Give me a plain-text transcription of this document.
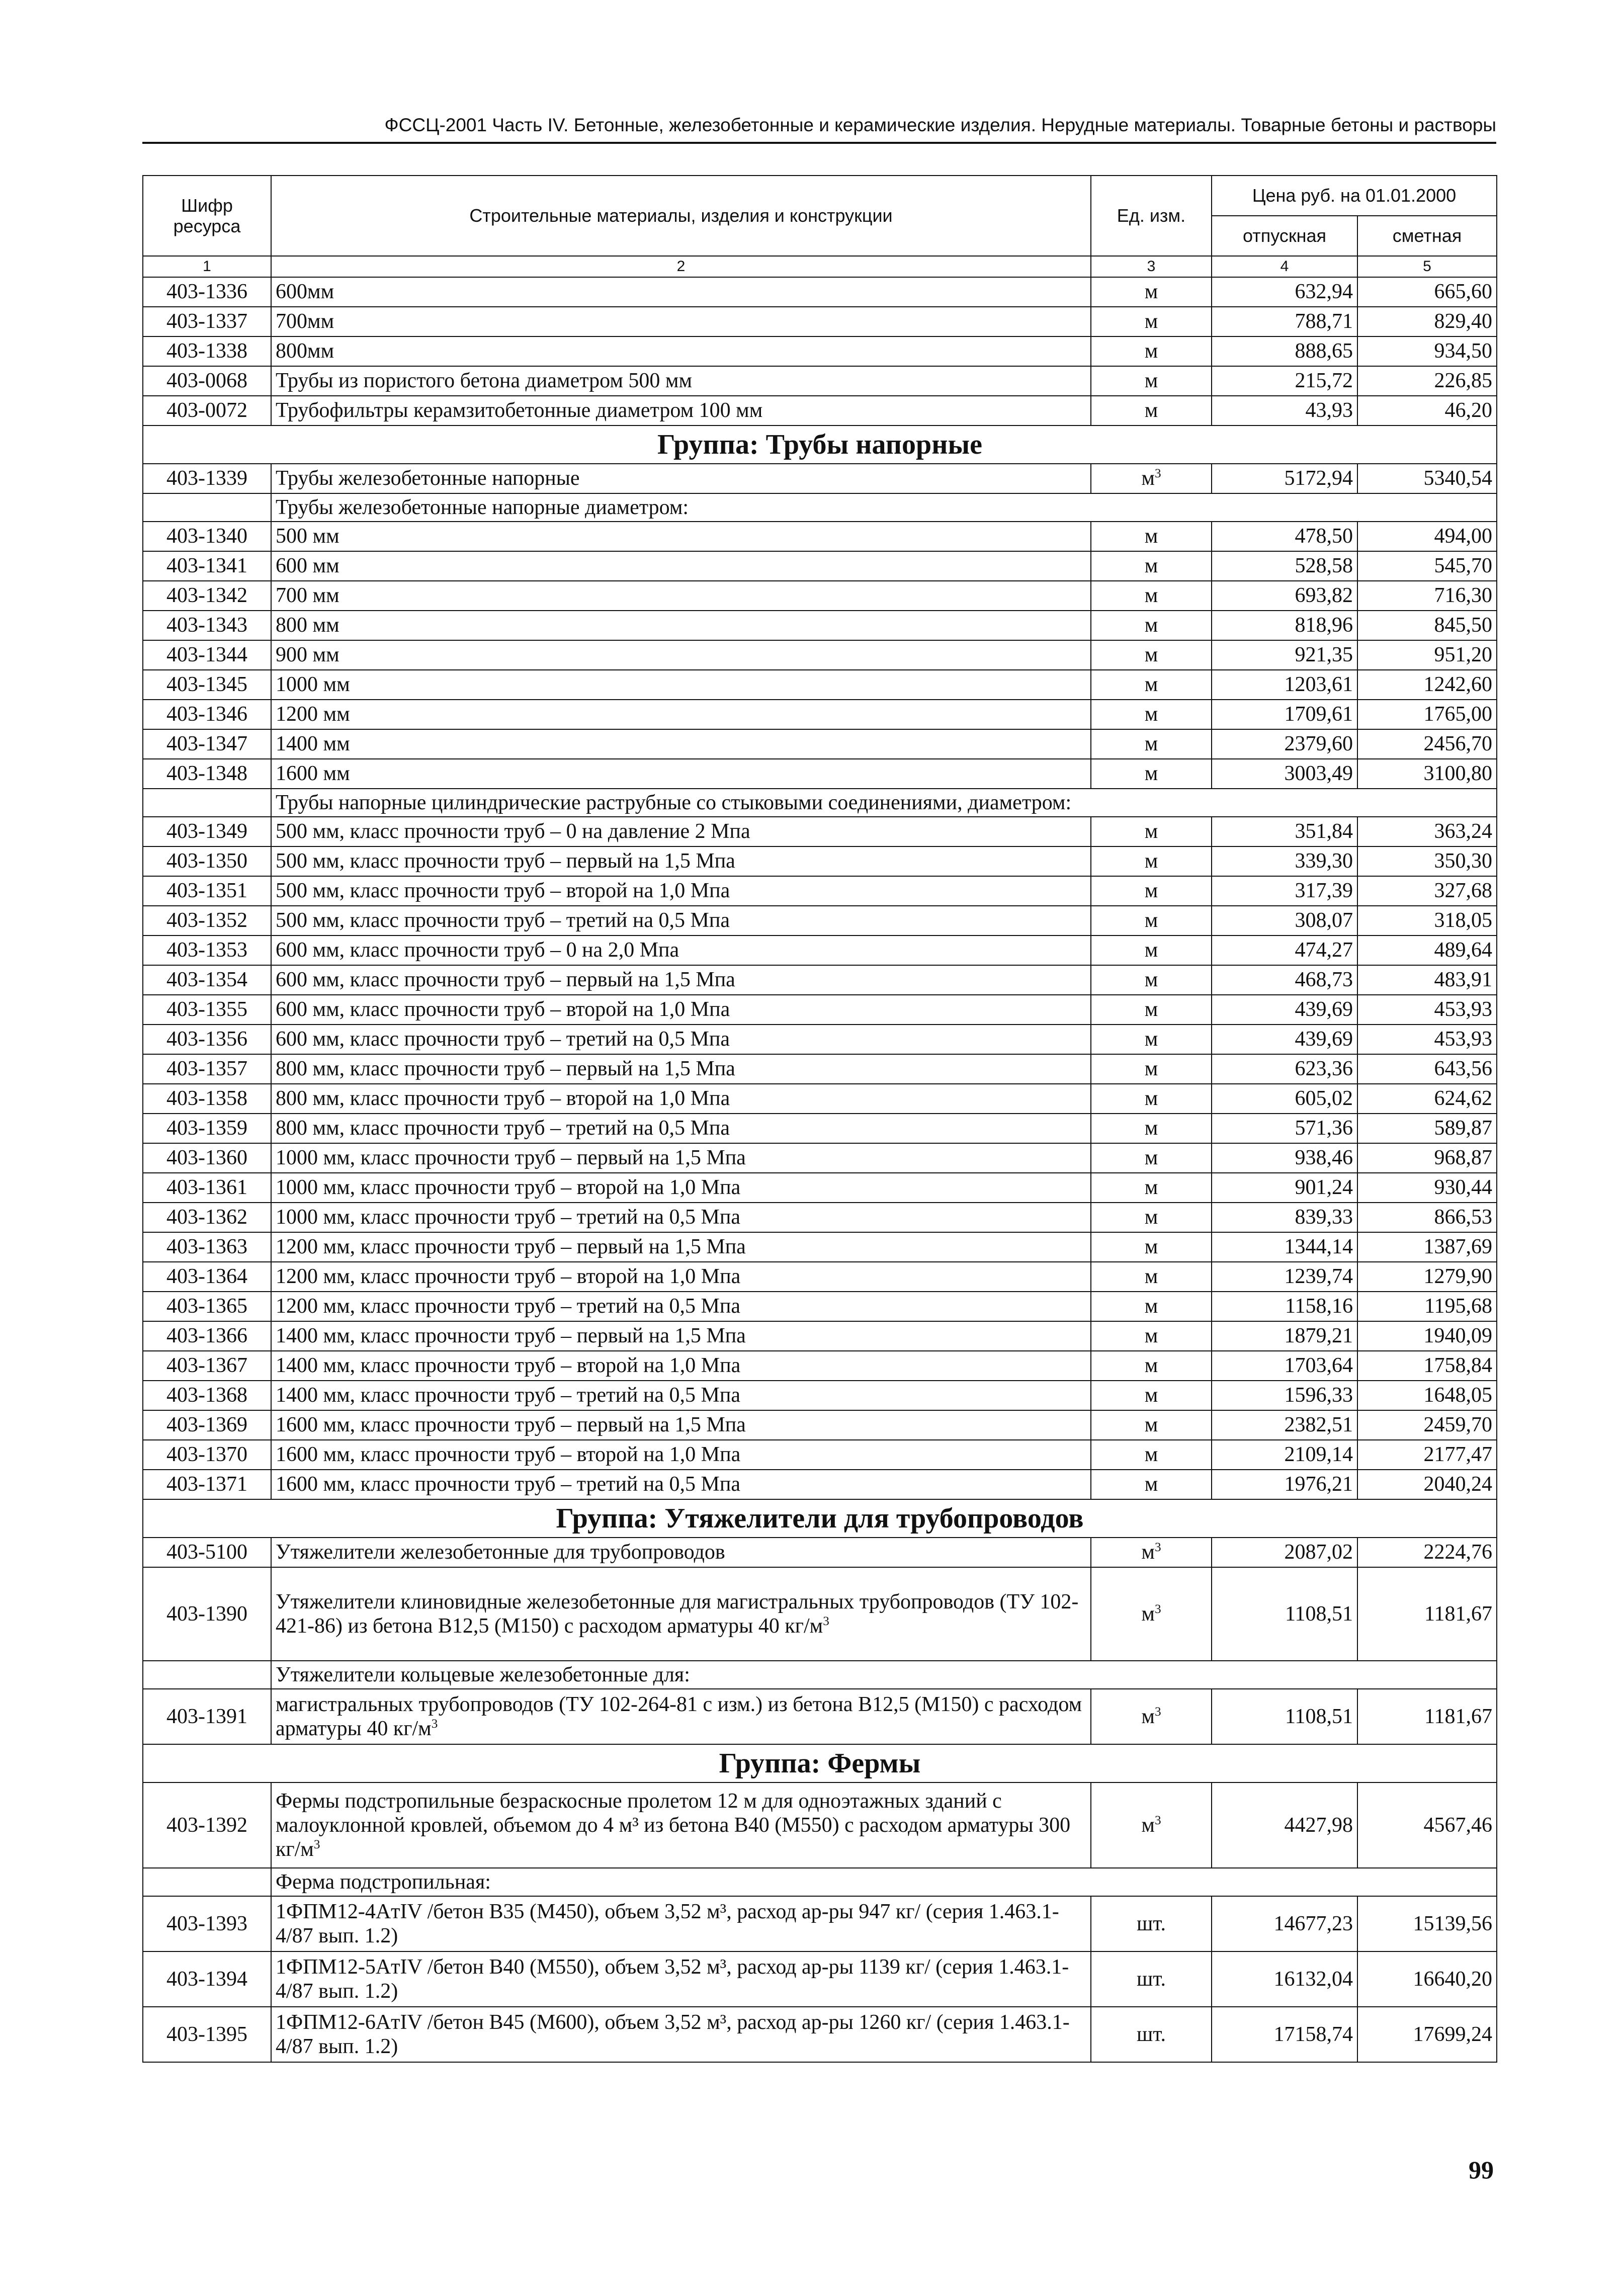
ФССЦ-2001 Часть IV. Бетонные, железобетонные и керамические изделия. Нерудные материалы. Товарные бетоны и растворы
Шифр ресурса	Строительные материалы, изделия и конструкции	Ед. изм.	Цена руб. на 01.01.2000	
			отпускная	сметная
1	2	3	4	5
403-1336	600мм	м	632,94	665,60
403-1337	700мм	м	788,71	829,40
403-1338	800мм	м	888,65	934,50
403-0068	Трубы из пористого бетона диаметром 500 мм	м	215,72	226,85
403-0072	Трубофильтры керамзитобетонные диаметром 100 мм	м	43,93	46,20
Группа: Трубы напорные				
403-1339	Трубы железобетонные напорные	$м^3$	5172,94	5340,54
	Трубы железобетонные напорные диаметром:			
403-1340	500 мм	м	478,50	494,00
403-1341	600 мм	м	528,58	545,70
403-1342	700 мм	м	693,82	716,30
403-1343	800 мм	м	818,96	845,50
403-1344	900 мм	м	921,35	951,20
403-1345	1000 мм	м	1203,61	1242,60
403-1346	1200 мм	м	1709,61	1765,00
403-1347	1400 мм	м	2379,60	2456,70
403-1348	1600 мм	м	3003,49	3100,80
	Трубы напорные цилиндрические раструбные со стыковыми соединениями, диаметром:			
403-1349	500 мм, класс прочности труб – 0 на давление 2 Мпа	м	351,84	363,24
403-1350	500 мм, класс прочности труб – первый на 1,5 Мпа	м	339,30	350,30
403-1351	500 мм, класс прочности труб – второй на 1,0 Мпа	м	317,39	327,68
403-1352	500 мм, класс прочности труб – третий на 0,5 Мпа	м	308,07	318,05
403-1353	600 мм, класс прочности труб – 0 на 2,0 Мпа	м	474,27	489,64
403-1354	600 мм, класс прочности труб – первый на 1,5 Мпа	м	468,73	483,91
403-1355	600 мм, класс прочности труб – второй на 1,0 Мпа	м	439,69	453,93
403-1356	600 мм, класс прочности труб – третий на 0,5 Мпа	м	439,69	453,93
403-1357	800 мм, класс прочности труб – первый на 1,5 Мпа	м	623,36	643,56
403-1358	800 мм, класс прочности труб – второй на 1,0 Мпа	м	605,02	624,62
403-1359	800 мм, класс прочности труб – третий на 0,5 Мпа	м	571,36	589,87
403-1360	1000 мм, класс прочности труб – первый на 1,5 Мпа	м	938,46	968,87
403-1361	1000 мм, класс прочности труб – второй на 1,0 Мпа	м	901,24	930,44
403-1362	1000 мм, класс прочности труб – третий на 0,5 Мпа	м	839,33	866,53
403-1363	1200 мм, класс прочности труб – первый на 1,5 Мпа	м	1344,14	1387,69
403-1364	1200 мм, класс прочности труб – второй на 1,0 Мпа	м	1239,74	1279,90
403-1365	1200 мм, класс прочности труб – третий на 0,5 Мпа	м	1158,16	1195,68
403-1366	1400 мм, класс прочности труб – первый на 1,5 Мпа	м	1879,21	1940,09
403-1367	1400 мм, класс прочности труб – второй на 1,0 Мпа	м	1703,64	1758,84
403-1368	1400 мм, класс прочности труб – третий на 0,5 Мпа	м	1596,33	1648,05
403-1369	1600 мм, класс прочности труб – первый на 1,5 Мпа	м	2382,51	2459,70
403-1370	1600 мм, класс прочности труб – второй на 1,0 Мпа	м	2109,14	2177,47
403-1371	1600 мм, класс прочности труб – третий на 0,5 Мпа	м	1976,21	2040,24
Группа: Утяжелители для трубопроводов				
403-5100	Утяжелители железобетонные для трубопроводов	$м^3$	2087,02	2224,76
403-1390	Утяжелители клиновидные железобетонные для магистральных трубопроводов (ТУ 102-421-86) из бетона В12,5 (М150) с расходом арматуры 40 $кг/м^3$	$м^3$	1108,51	1181,67
	Утяжелители кольцевые железобетонные для:			
403-1391	магистральных трубопроводов (ТУ 102-264-81 с изм.) из бетона В12,5 (М150) с расходом арматуры 40 $кг/м^3$	$м^3$	1108,51	1181,67
Группа: Фермы				
403-1392	Фермы подстропильные безраскосные пролетом 12 м для одноэтажных зданий с малоуклонной кровлей, объемом до 4 м³ из бетона В40 (М550) с расходом арматуры 300 $кг/м^3$	$м^3$	4427,98	4567,46
	Ферма подстропильная:			
403-1393	1ФПМ12-4AтIV /бетон В35 (М450), объем 3,52 м³, расход ар-ры 947 кг/ (серия 1.463.1-4/87 вып. 1.2)	шт.	14677,23	15139,56
403-1394	1ФПМ12-5AтIV /бетон В40 (М550), объем 3,52 м³, расход ар-ры 1139 кг/ (серия 1.463.1-4/87 вып. 1.2)	шт.	16132,04	16640,20
403-1395	1ФПМ12-6AтIV /бетон В45 (М600), объем 3,52 м³, расход ар-ры 1260 кг/ (серия 1.463.1-4/87 вып. 1.2)	шт.	17158,74	17699,24
99
